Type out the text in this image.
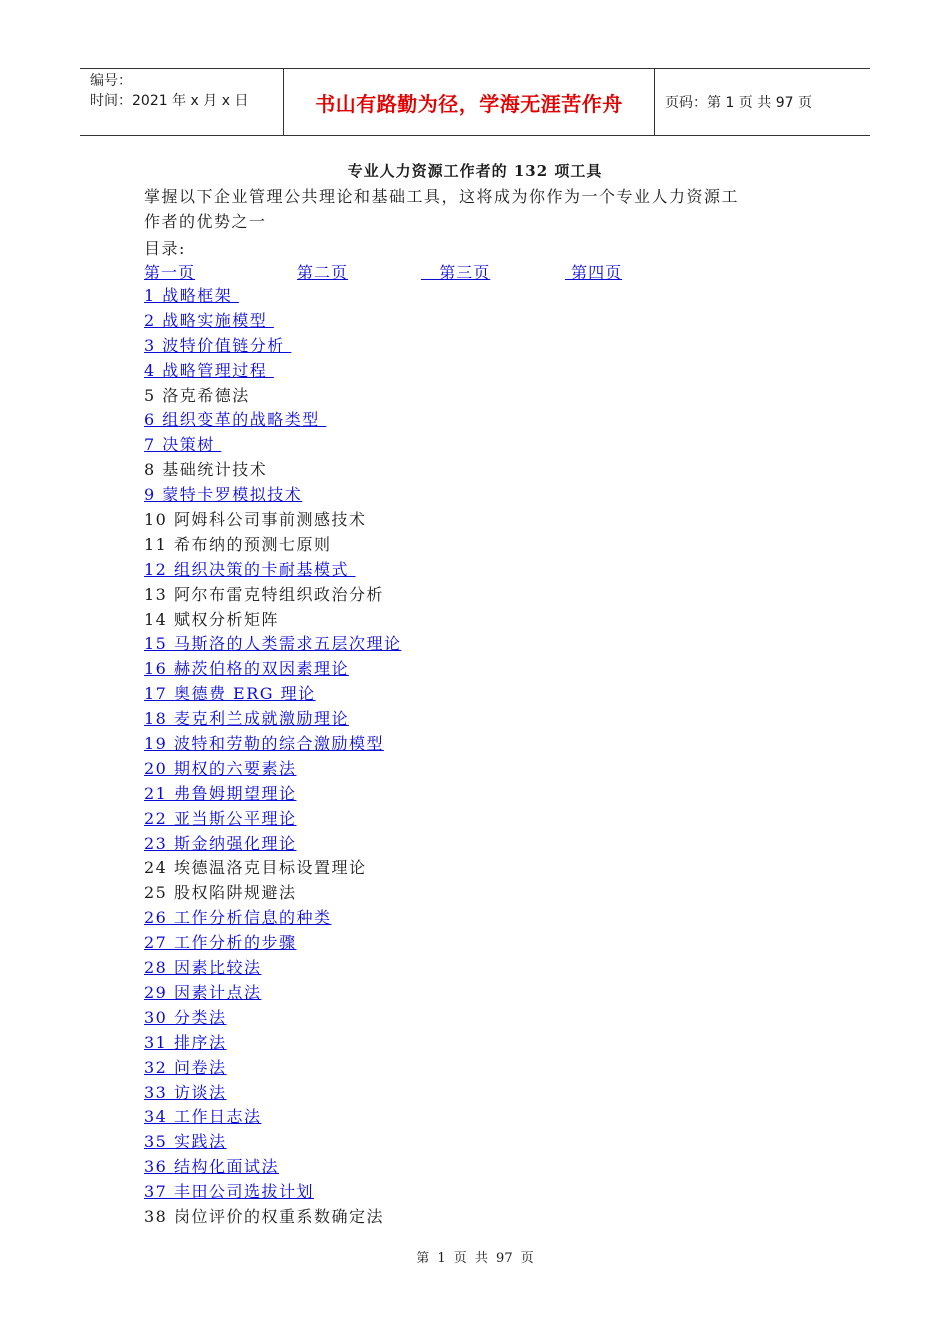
编号：
时间：2021 年 x 月 x 日	书山有路勤为径，学海无涯苦作舟	页码：第 1 页 共 97 页
专业人力资源工作者的 132 项工具
掌握以下企业管理公共理论和基础工具，这将成为你作为一个专业人力资源工
作者的优势之一
目录:
第一页	第二页	第三页	第四页
1 战略框架
2 战略实施模型
3 波特价值链分析
4 战略管理过程
5 洛克希德法
6 组织变革的战略类型
7 决策树
8 基础统计技术
9 蒙特卡罗模拟技术
10 阿姆科公司事前测感技术
11 希布纳的预测七原则
12 组织决策的卡耐基模式
13 阿尔布雷克特组织政治分析
14 赋权分析矩阵
15 马斯洛的人类需求五层次理论
16 赫茨伯格的双因素理论
17 奥德费 ERG 理论
18 麦克利兰成就激励理论
19 波特和劳勒的综合激励模型
20 期权的六要素法
21 弗鲁姆期望理论
22 亚当斯公平理论
23 斯金纳强化理论
24 埃德温洛克目标设置理论
25 股权陷阱规避法
26 工作分析信息的种类
27 工作分析的步骤
28 因素比较法
29 因素计点法
30 分类法
31 排序法
32 问卷法
33 访谈法
34 工作日志法
35 实践法
36 结构化面试法
37 丰田公司选拔计划
38 岗位评价的权重系数确定法
第 1 页 共 97 页
